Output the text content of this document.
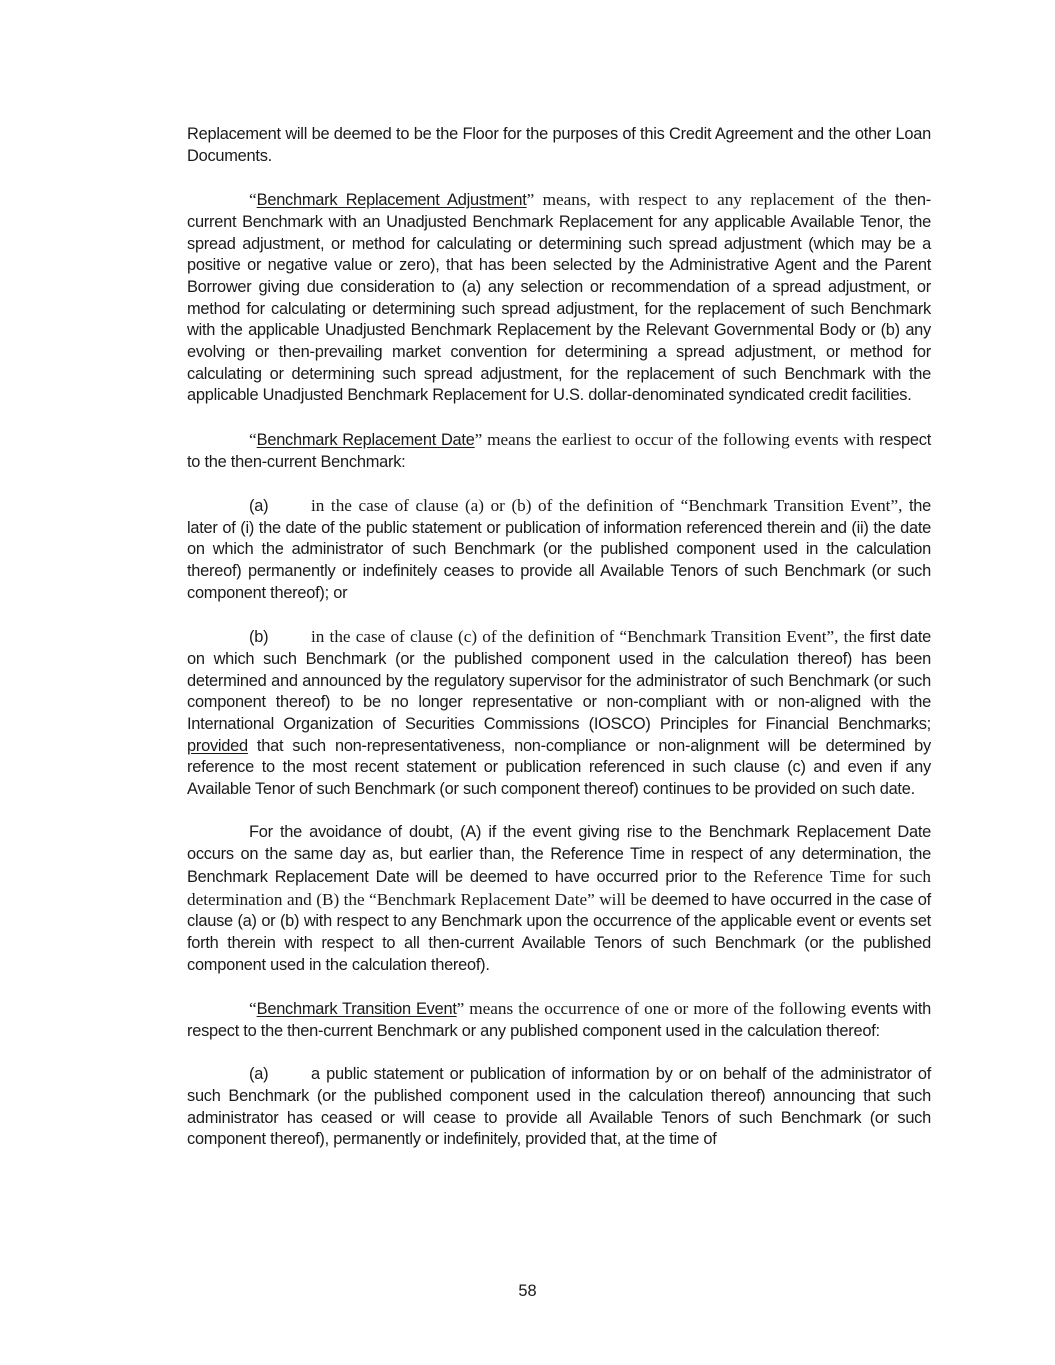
Replacement will be deemed to be the Floor for the purposes of this Credit Agreement and the other Loan Documents.

“Benchmark Replacement Adjustment” means, with respect to any replacement of the then-current Benchmark with an Unadjusted Benchmark Replacement for any applicable Available Tenor, the spread adjustment, or method for calculating or determining such spread adjustment (which may be a positive or negative value or zero), that has been selected by the Administrative Agent and the Parent Borrower giving due consideration to (a) any selection or recommendation of a spread adjustment, or method for calculating or determining such spread adjustment, for the replacement of such Benchmark with the applicable Unadjusted Benchmark Replacement by the Relevant Governmental Body or (b) any evolving or then-prevailing market convention for determining a spread adjustment, or method for calculating or determining such spread adjustment, for the replacement of such Benchmark with the applicable Unadjusted Benchmark Replacement for U.S. dollar-denominated syndicated credit facilities.

“Benchmark Replacement Date” means the earliest to occur of the following events with respect to the then-current Benchmark:

(a) in the case of clause (a) or (b) of the definition of “Benchmark Transition Event”, the later of (i) the date of the public statement or publication of information referenced therein and (ii) the date on which the administrator of such Benchmark (or the published component used in the calculation thereof) permanently or indefinitely ceases to provide all Available Tenors of such Benchmark (or such component thereof); or

(b) in the case of clause (c) of the definition of “Benchmark Transition Event”, the first date on which such Benchmark (or the published component used in the calculation thereof) has been determined and announced by the regulatory supervisor for the administrator of such Benchmark (or such component thereof) to be no longer representative or non-compliant with or non-aligned with the International Organization of Securities Commissions (IOSCO) Principles for Financial Benchmarks; provided that such non-representativeness, non-compliance or non-alignment will be determined by reference to the most recent statement or publication referenced in such clause (c) and even if any Available Tenor of such Benchmark (or such component thereof) continues to be provided on such date.

For the avoidance of doubt, (A) if the event giving rise to the Benchmark Replacement Date occurs on the same day as, but earlier than, the Reference Time in respect of any determination, the Benchmark Replacement Date will be deemed to have occurred prior to the Reference Time for such determination and (B) the “Benchmark Replacement Date” will be deemed to have occurred in the case of clause (a) or (b) with respect to any Benchmark upon the occurrence of the applicable event or events set forth therein with respect to all then-current Available Tenors of such Benchmark (or the published component used in the calculation thereof).

“Benchmark Transition Event” means the occurrence of one or more of the following events with respect to the then-current Benchmark or any published component used in the calculation thereof:

(a)	a public statement or publication of information by or on behalf of the administrator of such Benchmark (or the published component used in the calculation thereof) announcing that such administrator has ceased or will cease to provide all Available Tenors of such Benchmark (or such component thereof), permanently or indefinitely, provided that, at the time of

58
